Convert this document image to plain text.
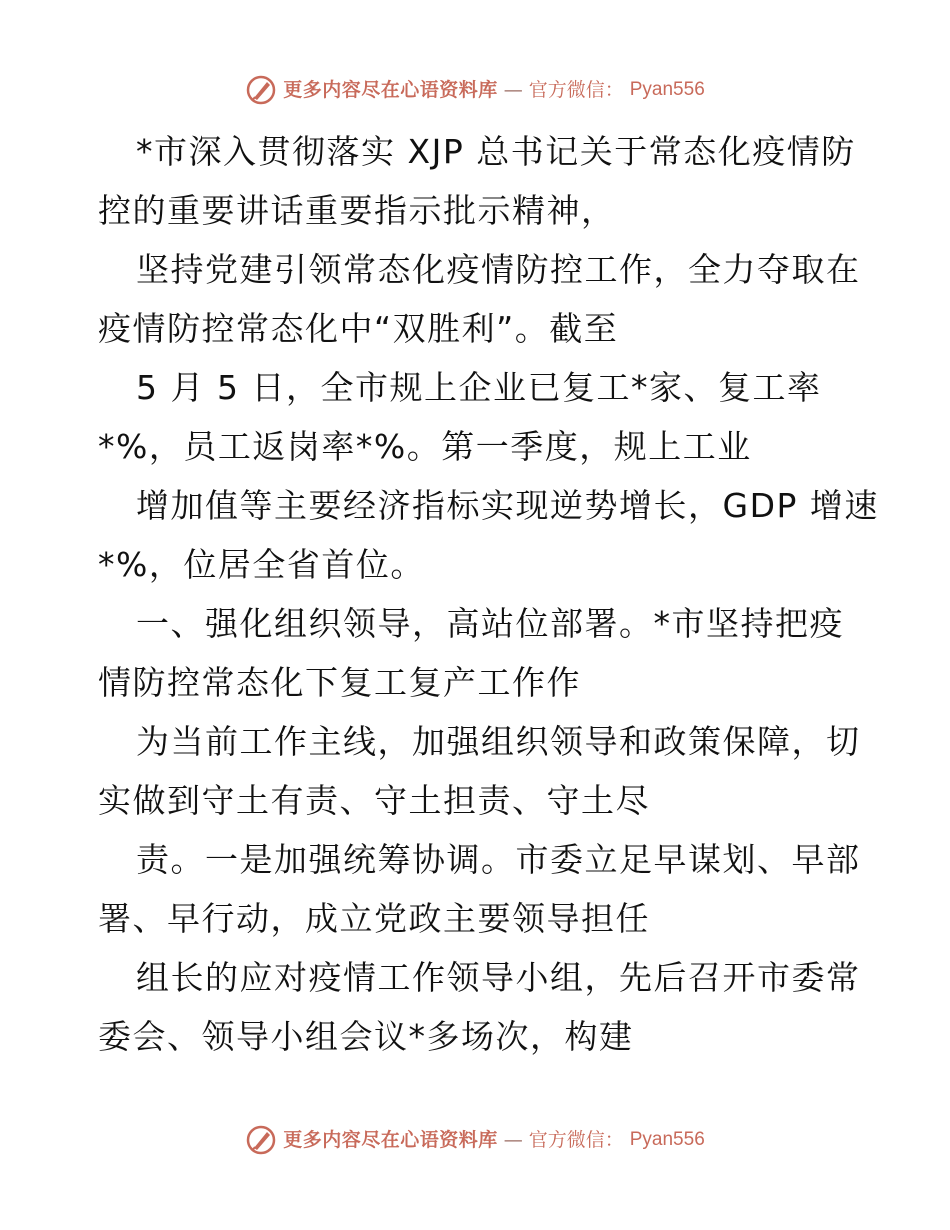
更多内容尽在心语资料库 — 官方微信： Pyan556

*市深入贯彻落实 XJP 总书记关于常态化疫情防
控的重要讲话重要指示批示精神，

坚持党建引领常态化疫情防控工作，全力夺取在
疫情防控常态化中“双胜利”。截至

5 月 5 日，全市规上企业已复工*家、复工率
*%，员工返岗率*%。第一季度，规上工业

增加值等主要经济指标实现逆势增长，GDP 增速
*%，位居全省首位。

一、强化组织领导，高站位部署。*市坚持把疫
情防控常态化下复工复产工作作

为当前工作主线，加强组织领导和政策保障，切
实做到守土有责、守土担责、守土尽

责。一是加强统筹协调。市委立足早谋划、早部
署、早行动，成立党政主要领导担任

组长的应对疫情工作领导小组，先后召开市委常
委会、领导小组会议*多场次，构建

更多内容尽在心语资料库 — 官方微信： Pyan556
